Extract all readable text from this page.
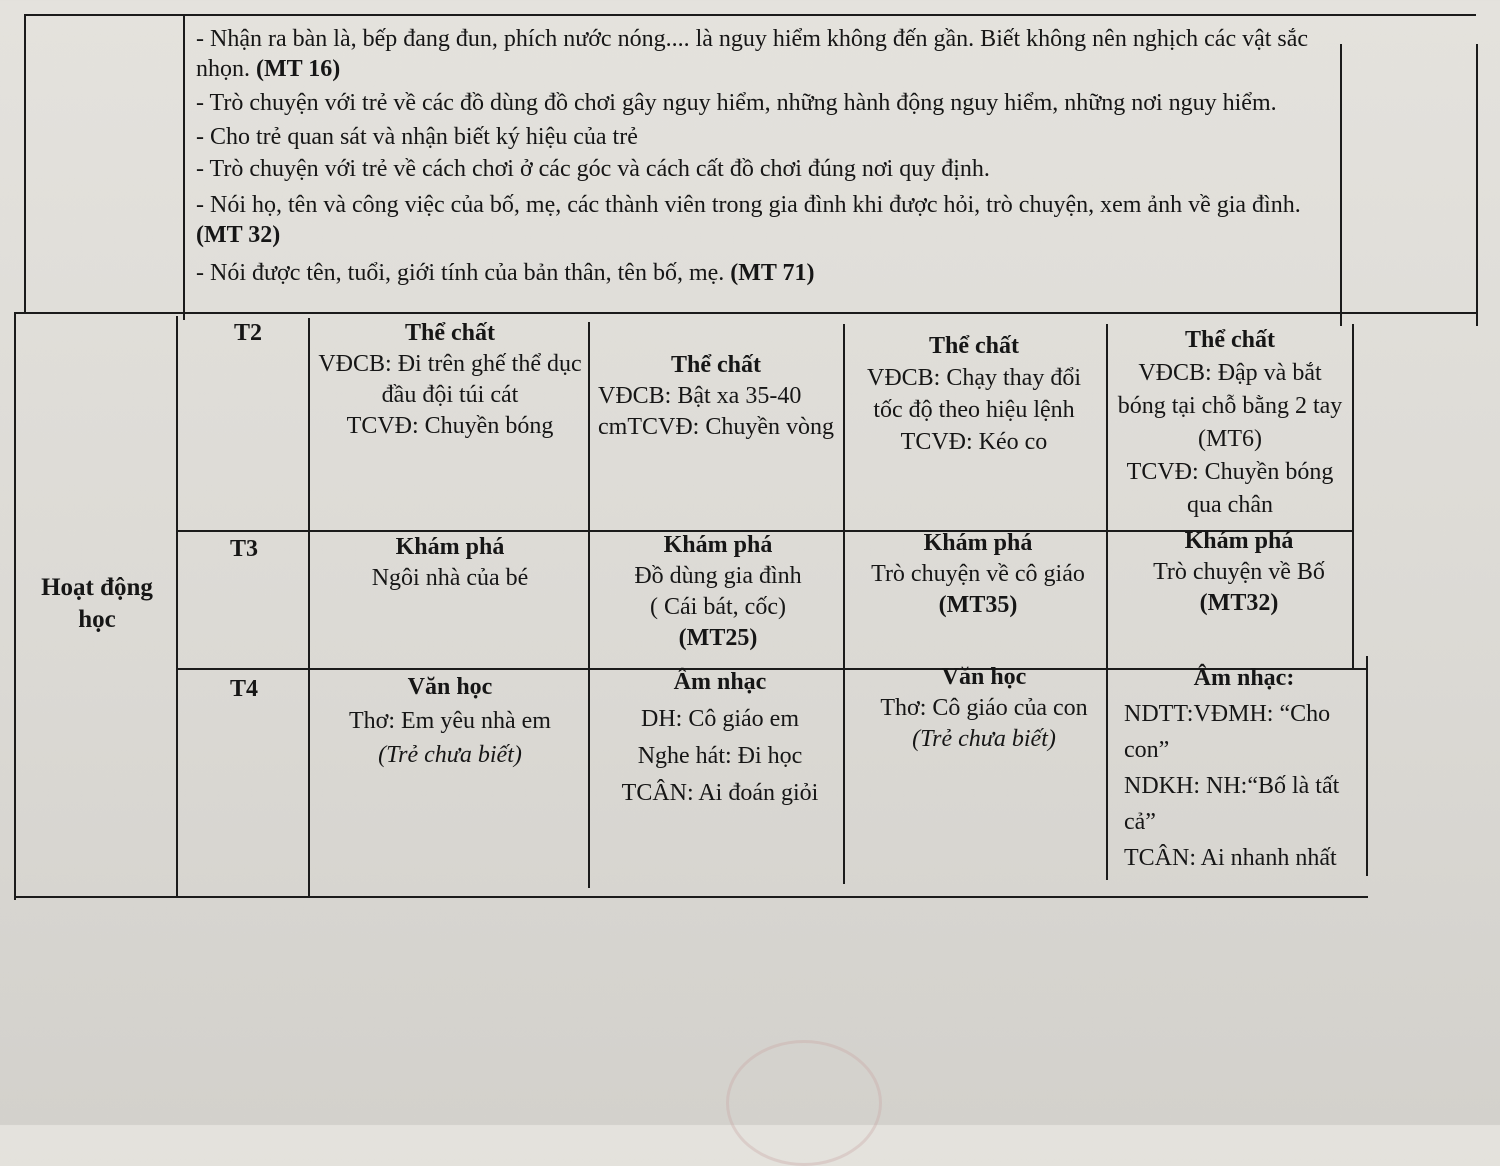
- Nhận ra bàn là, bếp đang đun, phích nước nóng.... là nguy hiểm không đến gần. Biết không nên nghịch các vật sắc nhọn. (MT 16)

- Trò chuyện với trẻ về các đồ dùng đồ chơi gây nguy hiểm, những hành động nguy hiểm, những nơi nguy hiểm.

- Cho trẻ quan sát và nhận biết ký hiệu của trẻ

- Trò chuyện với trẻ về cách chơi ở các góc và cách cất đồ chơi đúng nơi quy định.

- Nói họ, tên và công việc của bố, mẹ, các thành viên trong gia đình khi được hỏi, trò chuyện, xem ảnh về gia đình. (MT 32)

- Nói được tên, tuổi, giới tính của bản thân, tên bố, mẹ. (MT 71)

Hoạt động học
T2
T3
T4
Thể chất
VĐCB: Đi trên ghế thể dục đầu đội túi cát
TCVĐ: Chuyền bóng
Thể chất
VĐCB: Bật xa 35-40 cmTCVĐ: Chuyền vòng
Thể chất
VĐCB: Chạy thay đổi tốc độ theo hiệu lệnh
TCVĐ: Kéo co
Thể chất
VĐCB: Đập và bắt bóng tại chỗ bằng 2 tay (MT6)
TCVĐ: Chuyền bóng qua chân
Khám phá
Ngôi nhà của bé
Khám phá
Đồ dùng gia đình
( Cái bát, cốc)
(MT25)
Khám phá
Trò chuyện về cô giáo
(MT35)
Khám phá
Trò chuyện về Bố
(MT32)
Văn học
Thơ: Em yêu nhà em
(Trẻ chưa biết)
Âm nhạc
DH: Cô giáo em
Nghe hát: Đi học
TCÂN: Ai đoán giỏi
Văn học
Thơ: Cô giáo của con
(Trẻ chưa biết)
Âm nhạc:
NDTT:VĐMH: “Cho con”
NDKH: NH:“Bố là tất cả”
TCÂN: Ai nhanh nhất
